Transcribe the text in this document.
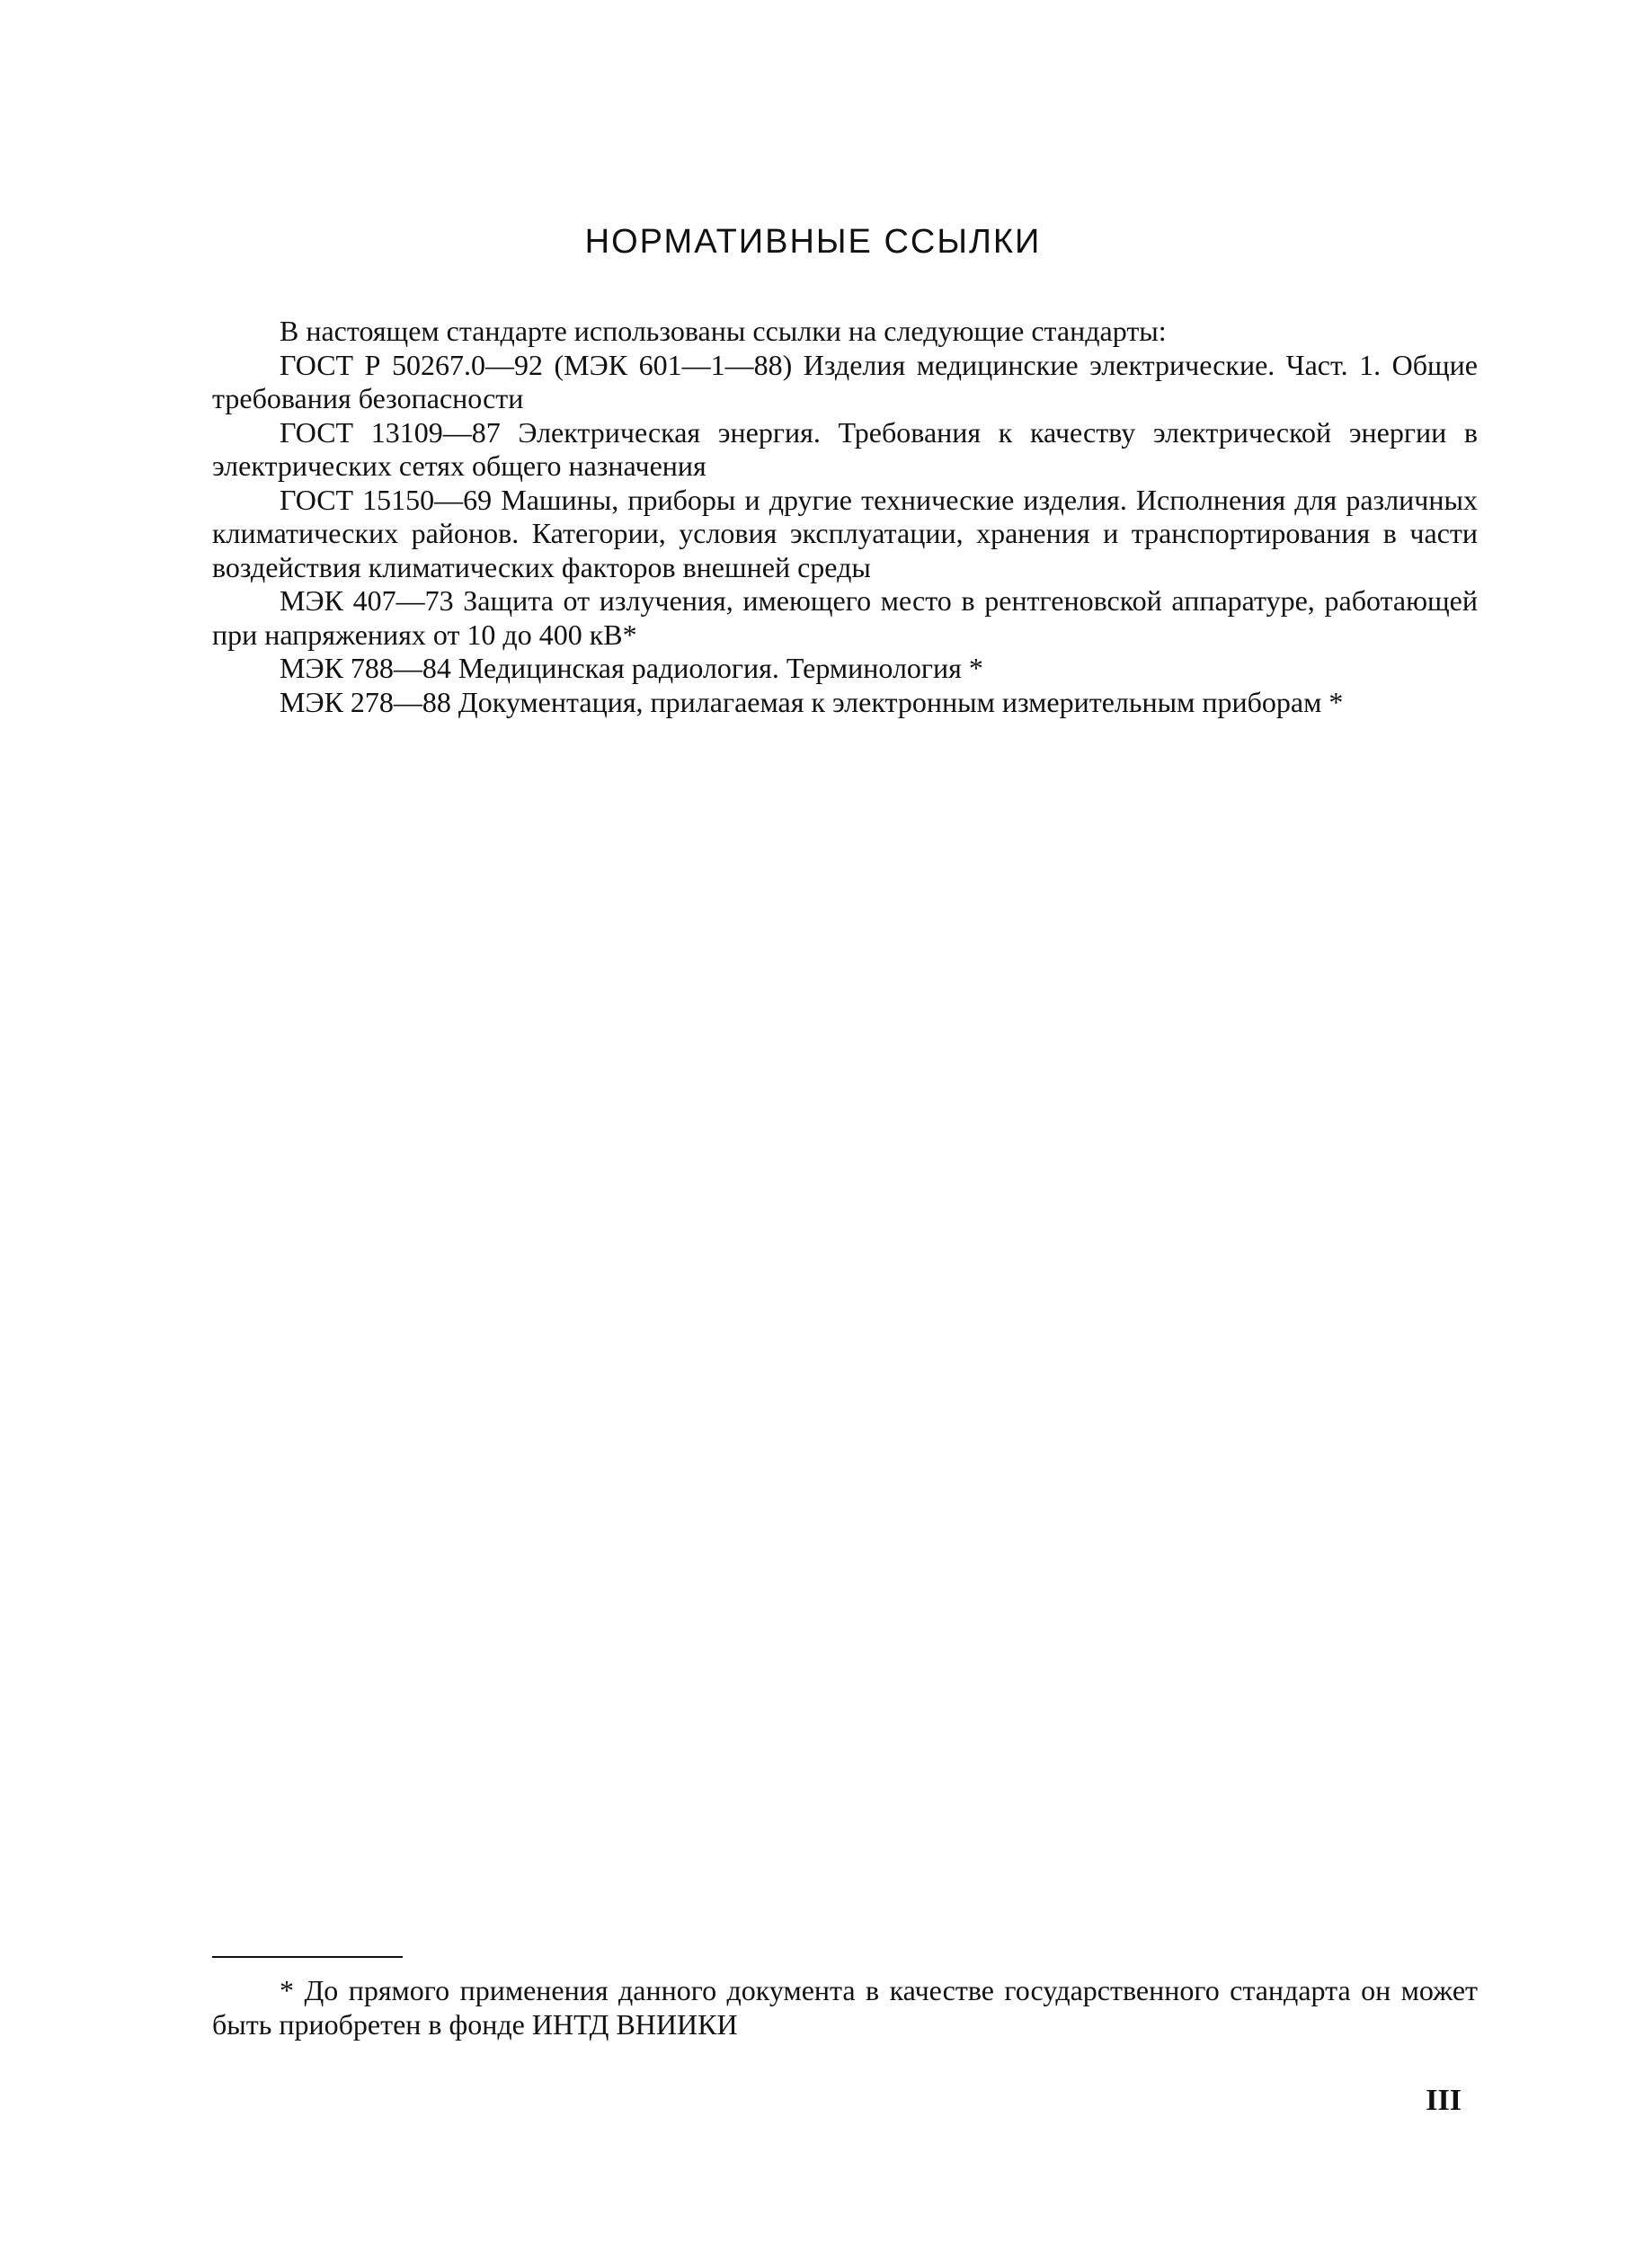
НОРМАТИВНЫЕ ССЫЛКИ

В настоящем стандарте использованы ссылки на следующие стандарты:

ГОСТ Р 50267.0—92 (МЭК 601—1—88) Изделия медицинские электрические. Част. 1. Общие требования безопасности

ГОСТ 13109—87 Электрическая энергия. Требования к качеству электрической энергии в электрических сетях общего назначения

ГОСТ 15150—69 Машины, приборы и другие технические изделия. Исполнения для различных климатических районов. Категории, условия эксплуатации, хранения и транспортирования в части воздействия климатических факторов внешней среды

МЭК 407—73 Защита от излучения, имеющего место в рентгеновской аппаратуре, работающей при напряжениях от 10 до 400 кВ*

МЭК 788—84 Медицинская радиология. Терминология *

МЭК 278—88 Документация, прилагаемая к электронным измерительным приборам *

* До прямого применения данного документа в качестве государственного стандарта он может быть приобретен в фонде ИНТД ВНИИКИ

III
